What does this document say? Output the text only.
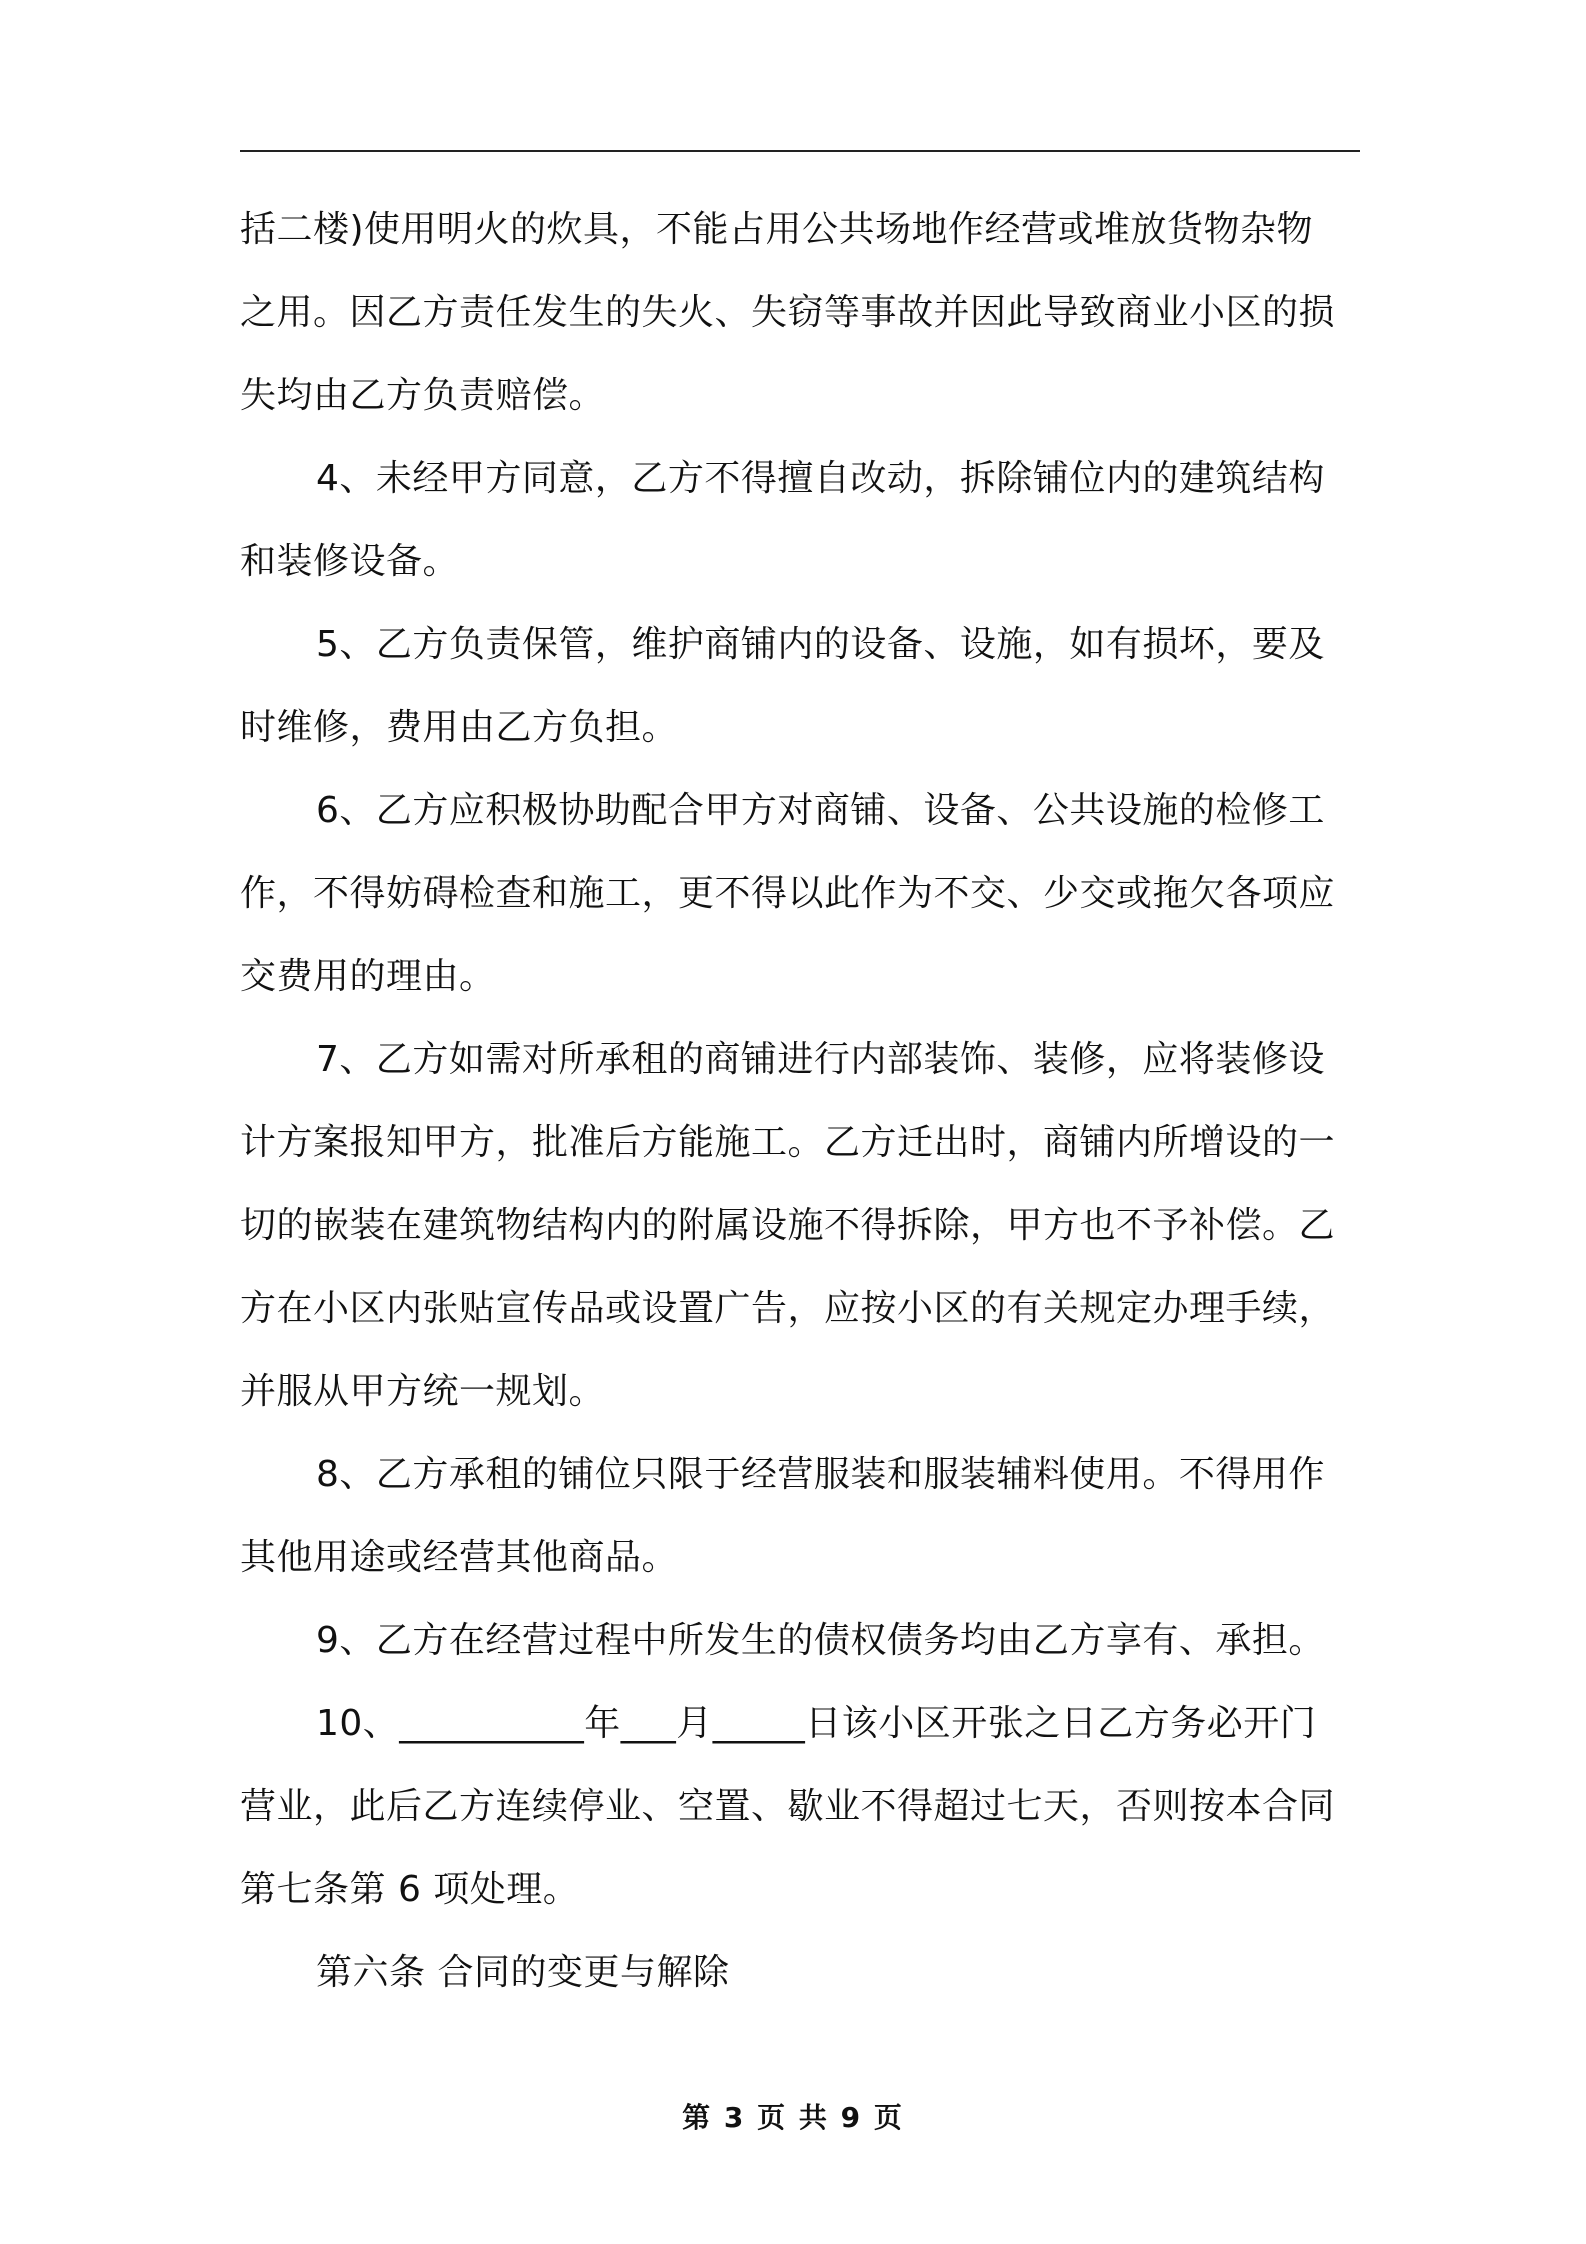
括二楼)使用明火的炊具，不能占用公共场地作经营或堆放货物杂物
之用。因乙方责任发生的失火、失窃等事故并因此导致商业小区的损
失均由乙方负责赔偿。
4、未经甲方同意，乙方不得擅自改动，拆除铺位内的建筑结构
和装修设备。
5、乙方负责保管，维护商铺内的设备、设施，如有损坏，要及
时维修，费用由乙方负担。
6、乙方应积极协助配合甲方对商铺、设备、公共设施的检修工
作，不得妨碍检查和施工，更不得以此作为不交、少交或拖欠各项应
交费用的理由。
7、乙方如需对所承租的商铺进行内部装饰、装修，应将装修设
计方案报知甲方，批准后方能施工。乙方迁出时，商铺内所增设的一
切的嵌装在建筑物结构内的附属设施不得拆除，甲方也不予补偿。乙
方在小区内张贴宣传品或设置广告，应按小区的有关规定办理手续，
并服从甲方统一规划。
8、乙方承租的铺位只限于经营服装和服装辅料使用。不得用作
其他用途或经营其他商品。
9、乙方在经营过程中所发生的债权债务均由乙方享有、承担。
10、__________年___月_____日该小区开张之日乙方务必开门
营业，此后乙方连续停业、空置、歇业不得超过七天，否则按本合同
第七条第 6 项处理。
第六条 合同的变更与解除
第 3 页 共 9 页
